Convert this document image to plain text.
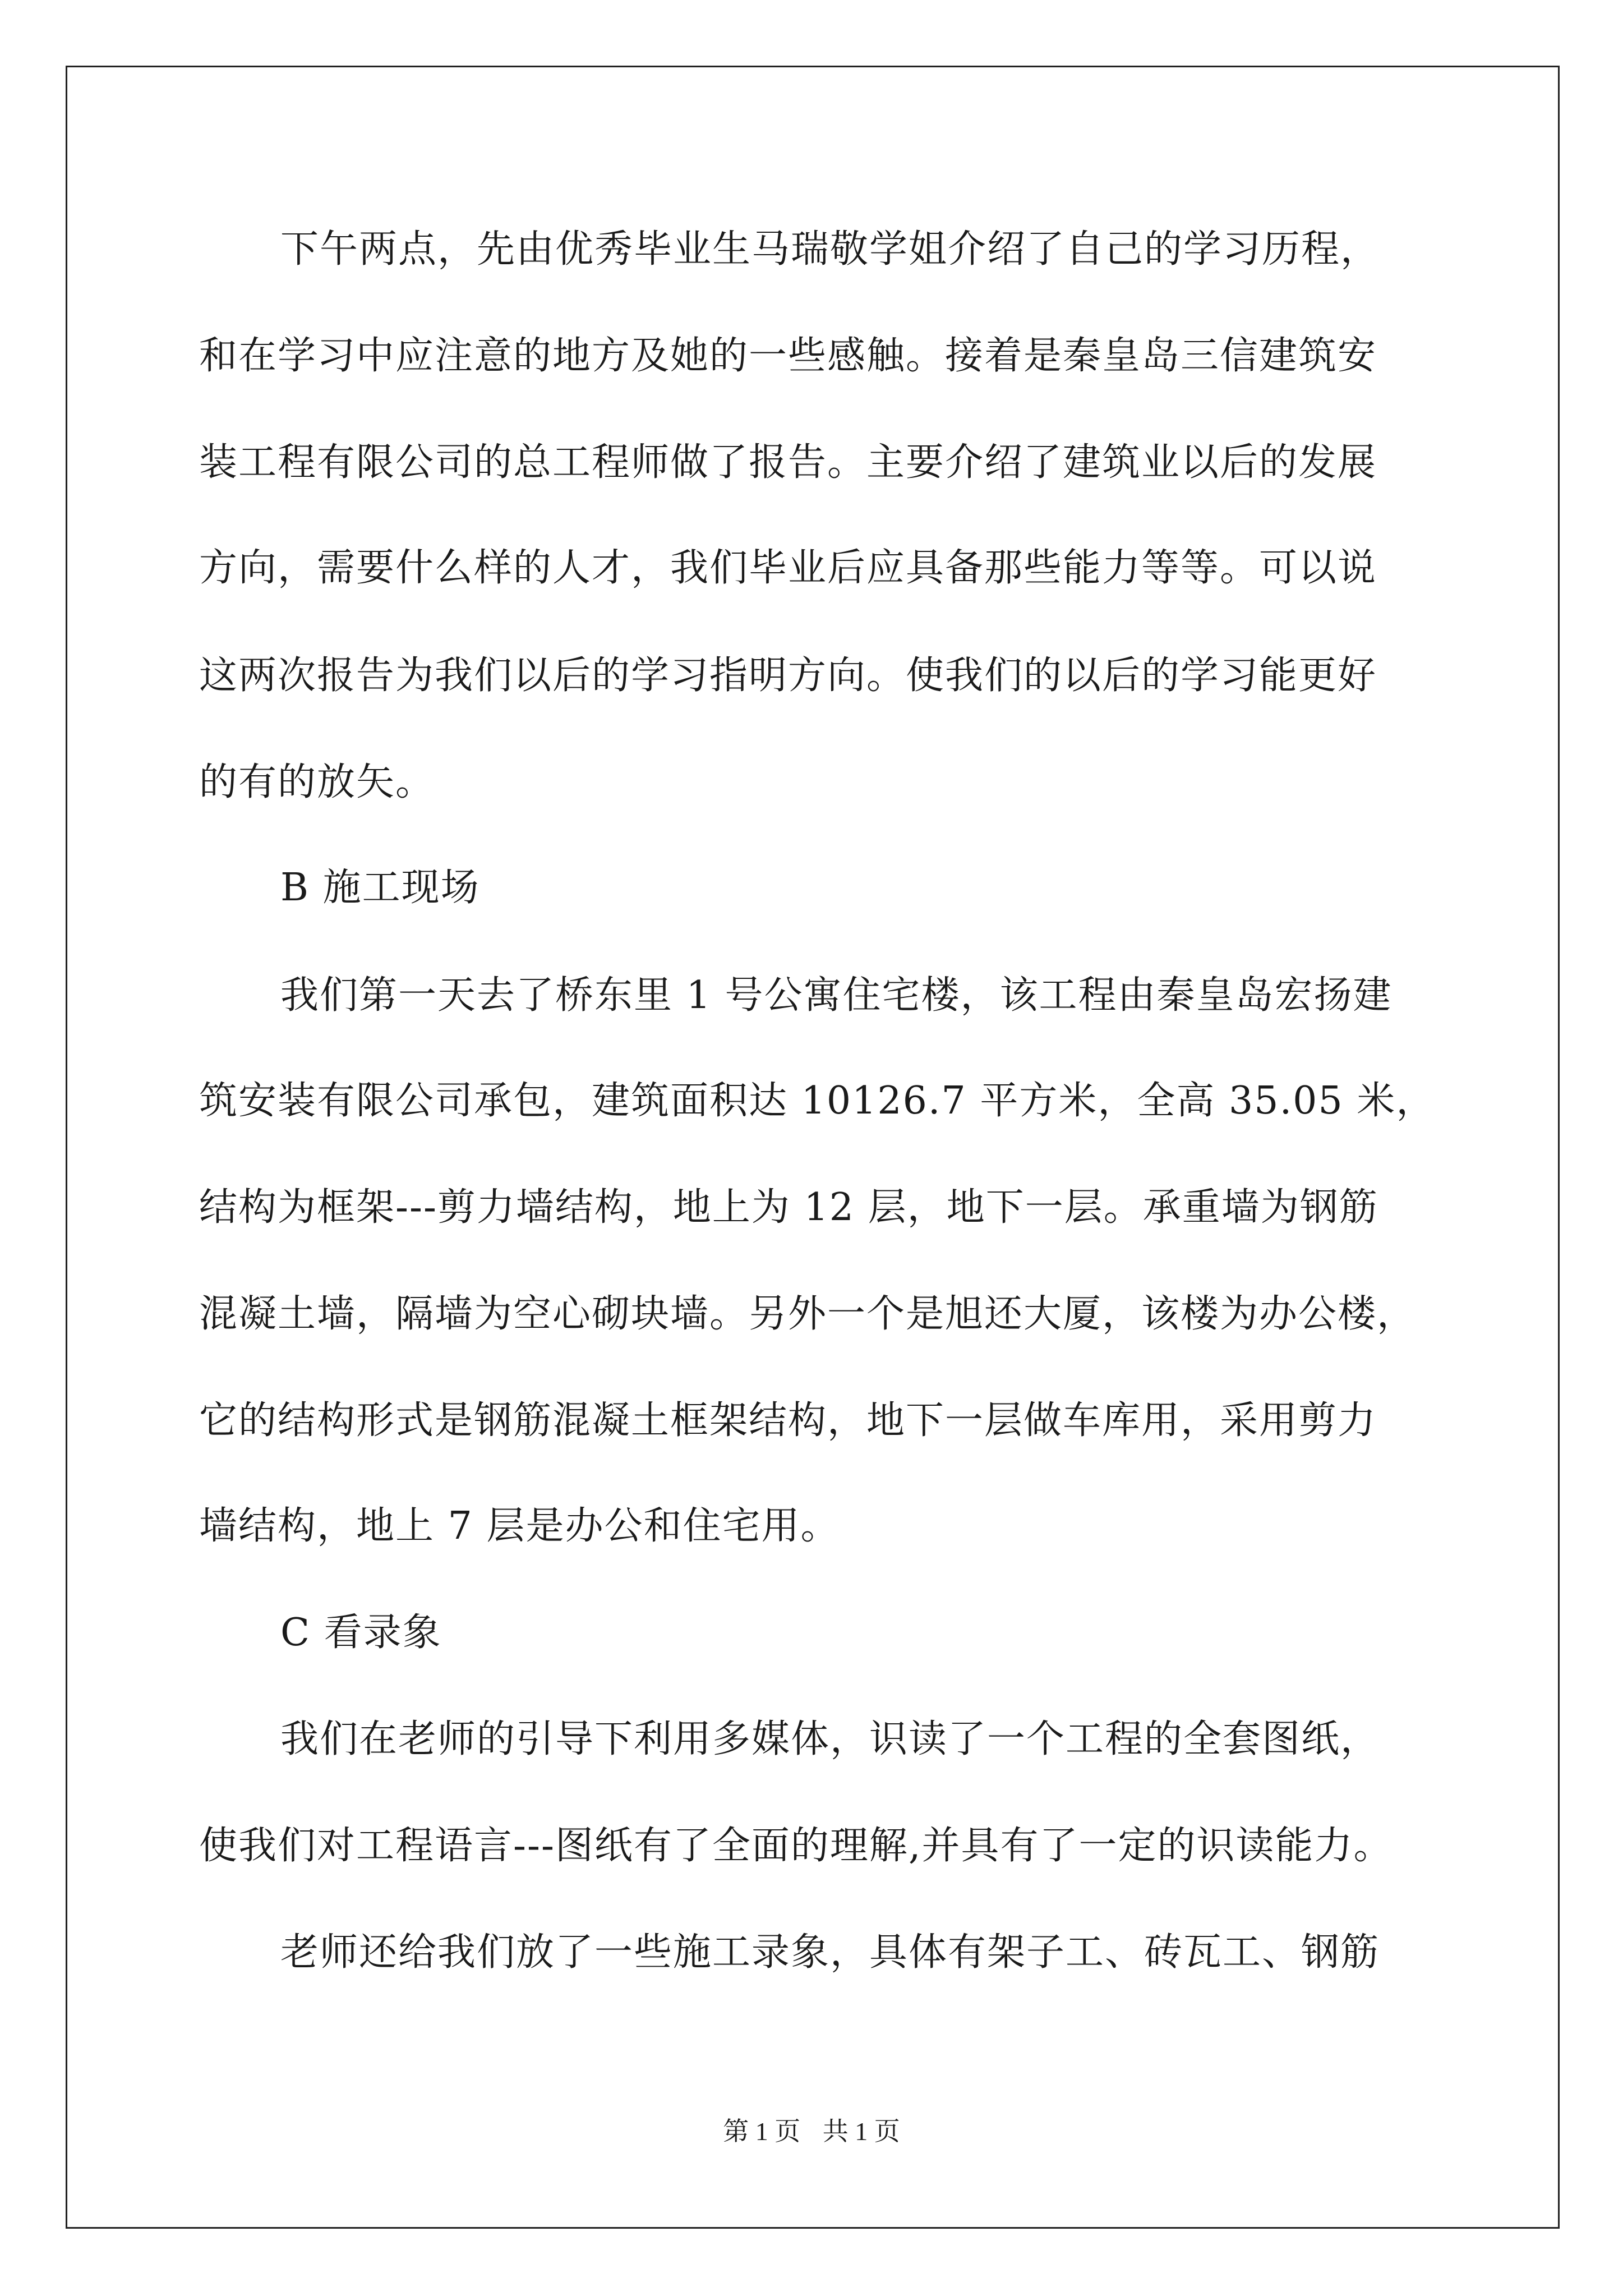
下午两点，先由优秀毕业生马瑞敬学姐介绍了自己的学习历程，
和在学习中应注意的地方及她的一些感触。接着是秦皇岛三信建筑安
装工程有限公司的总工程师做了报告。主要介绍了建筑业以后的发展
方向，需要什么样的人才，我们毕业后应具备那些能力等等。可以说
这两次报告为我们以后的学习指明方向。使我们的以后的学习能更好
的有的放矢。
B 施工现场
我们第一天去了桥东里 1 号公寓住宅楼，该工程由秦皇岛宏扬建
筑安装有限公司承包，建筑面积达 10126.7 平方米，全高 35.05 米，
结构为框架---剪力墙结构，地上为 12 层，地下一层。承重墙为钢筋
混凝土墙，隔墙为空心砌块墙。另外一个是旭还大厦，该楼为办公楼，
它的结构形式是钢筋混凝土框架结构，地下一层做车库用，采用剪力
墙结构，地上 7 层是办公和住宅用。
C 看录象
我们在老师的引导下利用多媒体，识读了一个工程的全套图纸，
使我们对工程语言---图纸有了全面的理解,并具有了一定的识读能力。
老师还给我们放了一些施工录象，具体有架子工、砖瓦工、钢筋
第 1 页 共 1 页
